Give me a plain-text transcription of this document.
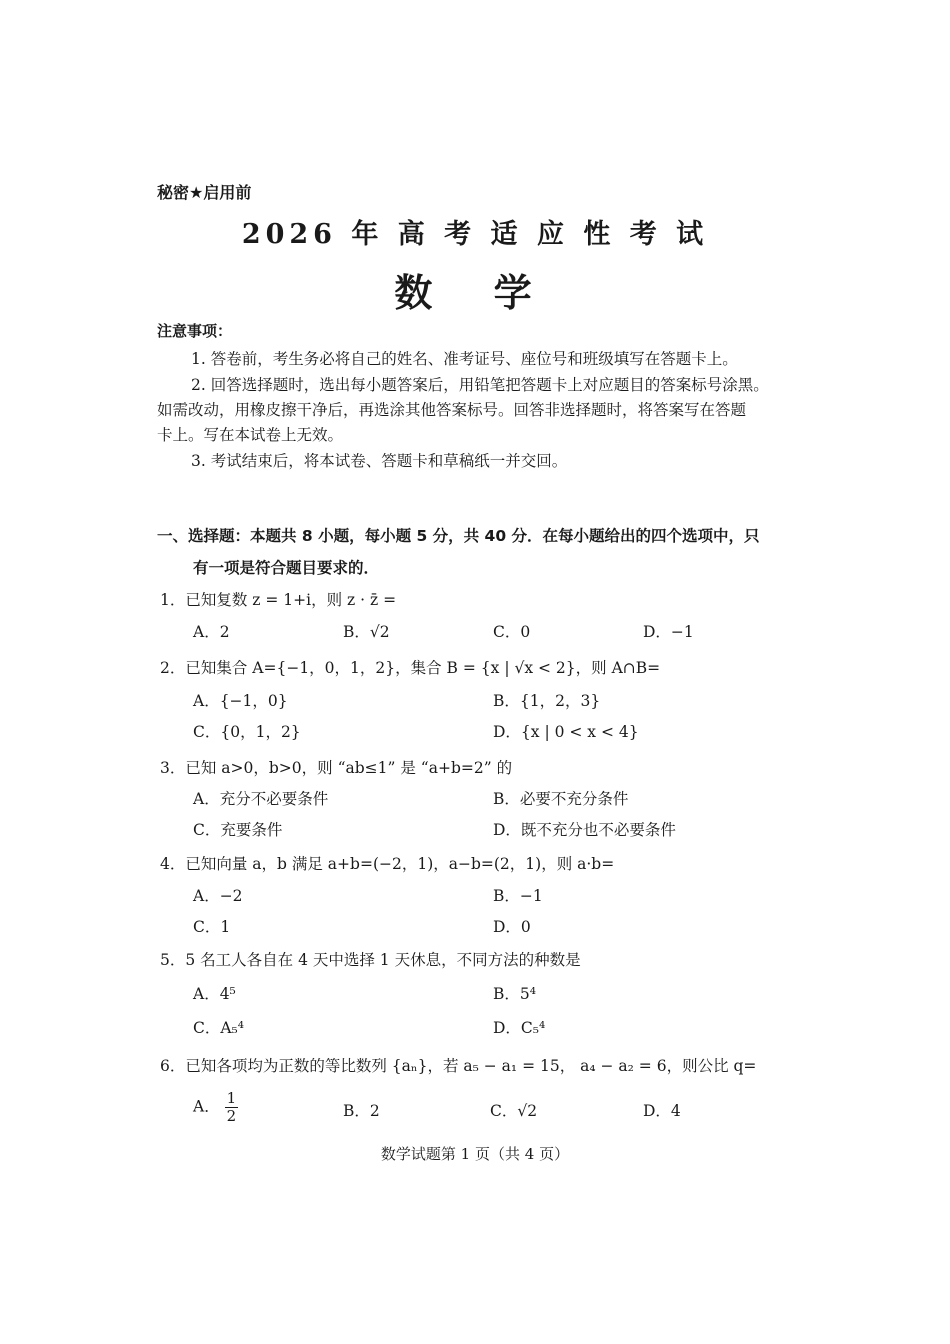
秘密★启用前
2026 年 高 考 适 应 性 考 试
数 学
注意事项：
1. 答卷前，考生务必将自己的姓名、准考证号、座位号和班级填写在答题卡上。
2. 回答选择题时，选出每小题答案后，用铅笔把答题卡上对应题目的答案标号涂黑。
如需改动，用橡皮擦干净后，再选涂其他答案标号。回答非选择题时，将答案写在答题
卡上。写在本试卷上无效。
3. 考试结束后，将本试卷、答题卡和草稿纸一并交回。
一、选择题：本题共 8 小题，每小题 5 分，共 40 分．在每小题给出的四个选项中，只
有一项是符合题目要求的．
1．已知复数 z = 1+i，则 z · z̄ =
A．2	B．√2	C．0	D．−1
2．已知集合 A={−1，0，1，2}，集合 B = {x | √x < 2}，则 A∩B=
A．{−1，0}	B．{1，2，3}
C．{0，1，2}	D．{x | 0 < x < 4}
3．已知 a>0，b>0，则 “ab≤1” 是 “a+b=2” 的
A．充分不必要条件	B．必要不充分条件
C．充要条件	D．既不充分也不必要条件
4．已知向量 a，b 满足 a+b=(−2，1)，a−b=(2，1)，则 a·b=
A．−2	B．−1
C．1	D．0
5．5 名工人各自在 4 天中选择 1 天休息，不同方法的种数是
A．4⁵	B．5⁴
C．A₅⁴	D．C₅⁴
6．已知各项均为正数的等比数列 {aₙ}，若 a₅ − a₁ = 15， a₄ − a₂ = 6，则公比 q=
A． $\frac{1}{2}$	B．2	C．√2	D．4
数学试题第 1 页（共 4 页）
